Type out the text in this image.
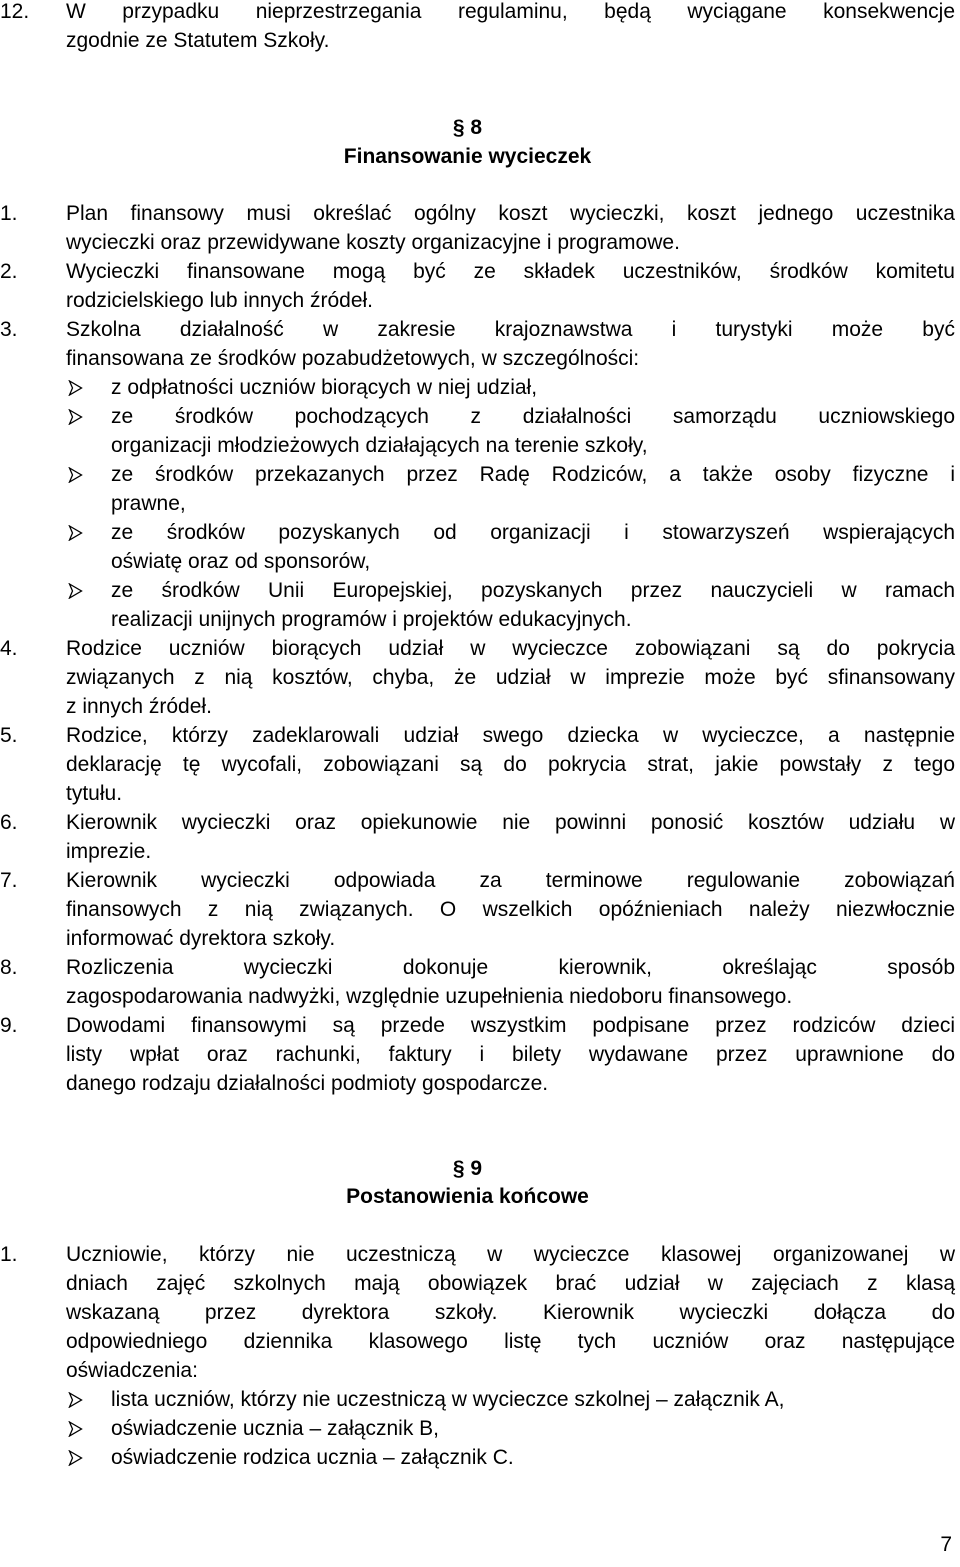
12. W przypadku nieprzestrzegania regulaminu, będą wyciągane konsekwencje

zgodnie ze Statutem Szkoły.

§ 8

Finansowanie wycieczek

1. Plan finansowy musi określać ogólny koszt wycieczki, koszt jednego uczestnika

wycieczki oraz przewidywane koszty organizacyjne i programowe.

2. Wycieczki finansowane mogą być ze składek uczestników, środków komitetu

rodzicielskiego lub innych źródeł.

3. Szkolna działalność w zakresie krajoznawstwa i turystyki może być

finansowana ze środków pozabudżetowych, w szczególności:

z odpłatności uczniów biorących w niej udział,

ze środków pochodzących z działalności samorządu uczniowskiego

organizacji młodzieżowych działających na terenie szkoły,

ze środków przekazanych przez Radę Rodziców, a także osoby fizyczne i

prawne,

ze środków pozyskanych od organizacji i stowarzyszeń wspierających

oświatę oraz od sponsorów,

ze środków Unii Europejskiej, pozyskanych przez nauczycieli w ramach

realizacji unijnych programów i projektów edukacyjnych.

4. Rodzice uczniów biorących udział w wycieczce zobowiązani są do pokrycia

związanych z nią kosztów, chyba, że udział w imprezie może być sfinansowany

z innych źródeł.

5. Rodzice, którzy zadeklarowali udział swego dziecka w wycieczce, a następnie

deklarację tę wycofali, zobowiązani są do pokrycia strat, jakie powstały z tego

tytułu.

6. Kierownik wycieczki oraz opiekunowie nie powinni ponosić kosztów udziału w

imprezie.

7. Kierownik wycieczki odpowiada za terminowe regulowanie zobowiązań

finansowych z nią związanych. O wszelkich opóźnieniach należy niezwłocznie

informować dyrektora szkoły.

8. Rozliczenia wycieczki dokonuje kierownik, określając sposób

zagospodarowania nadwyżki, względnie uzupełnienia niedoboru finansowego.

9. Dowodami finansowymi są przede wszystkim podpisane przez rodziców dzieci

listy wpłat oraz rachunki, faktury i bilety wydawane przez uprawnione do

danego rodzaju działalności podmioty gospodarcze.

§ 9

Postanowienia końcowe

1. Uczniowie, którzy nie uczestniczą w wycieczce klasowej organizowanej w

dniach zajęć szkolnych mają obowiązek brać udział w zajęciach z klasą

wskazaną przez dyrektora szkoły. Kierownik wycieczki dołącza do

odpowiedniego dziennika klasowego listę tych uczniów oraz następujące

oświadczenia:

lista uczniów, którzy nie uczestniczą w wycieczce szkolnej – załącznik A,

oświadczenie ucznia – załącznik B,

oświadczenie rodzica ucznia – załącznik C.

7
